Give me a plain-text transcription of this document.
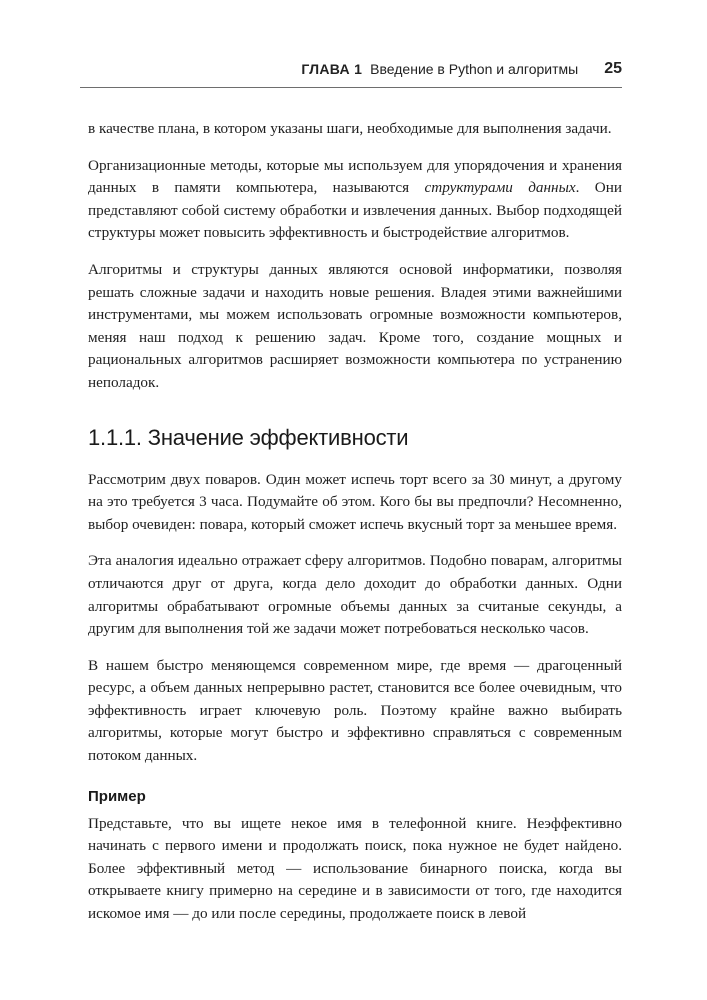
ГЛАВА 1 Введение в Python и алгоритмы 25

в качестве плана, в котором указаны шаги, необходимые для выполнения задачи.

Организационные методы, которые мы используем для упорядочения и хранения данных в памяти компьютера, называются структурами данных. Они представляют собой систему обработки и извлечения данных. Выбор подходящей структуры может повысить эффективность и быстродействие алгоритмов.

Алгоритмы и структуры данных являются основой информатики, позволяя решать сложные задачи и находить новые решения. Владея этими важнейшими инструментами, мы можем использовать огромные возможности компьютеров, меняя наш подход к решению задач. Кроме того, создание мощных и рациональных алгоритмов расширяет возможности компьютера по устранению неполадок.

1.1.1. Значение эффективности

Рассмотрим двух поваров. Один может испечь торт всего за 30 минут, а другому на это требуется 3 часа. Подумайте об этом. Кого бы вы предпочли? Несомненно, выбор очевиден: повара, который сможет испечь вкусный торт за меньшее время.

Эта аналогия идеально отражает сферу алгоритмов. Подобно поварам, алгоритмы отличаются друг от друга, когда дело доходит до обработки данных. Одни алгоритмы обрабатывают огромные объемы данных за считаные секунды, а другим для выполнения той же задачи может потребоваться несколько часов.

В нашем быстро меняющемся современном мире, где время — драгоценный ресурс, а объем данных непрерывно растет, становится все более очевидным, что эффективность играет ключевую роль. Поэтому крайне важно выбирать алгоритмы, которые могут быстро и эффективно справляться с современным потоком данных.

Пример

Представьте, что вы ищете некое имя в телефонной книге. Неэффективно начинать с первого имени и продолжать поиск, пока нужное не будет найдено. Более эффективный метод — использование бинарного поиска, когда вы открываете книгу примерно на середине и в зависимости от того, где находится искомое имя — до или после середины, продолжаете поиск в левой
